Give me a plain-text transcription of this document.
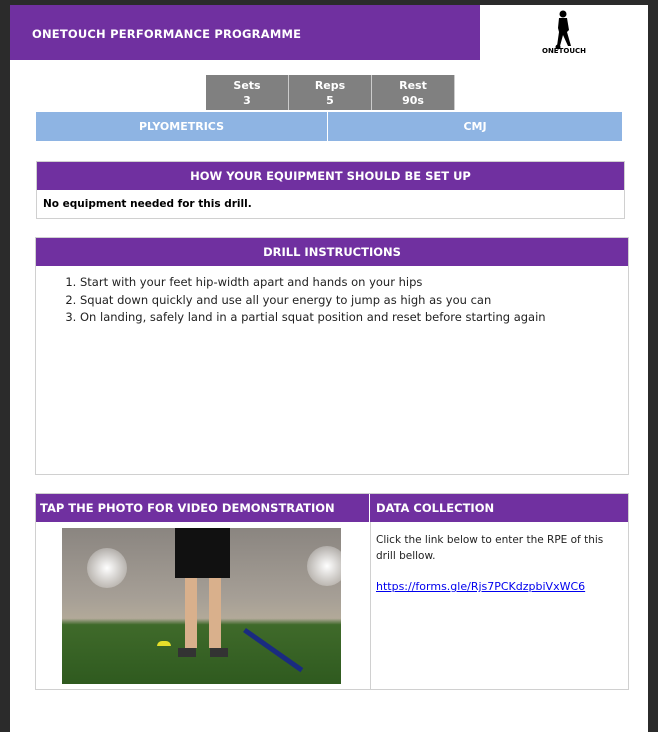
ONETOUCH PERFORMANCE PROGRAMME
ONETOUCH
Sets
3
Reps
5
Rest
90s
PLYOMETRICS	CMJ
HOW YOUR EQUIPMENT SHOULD BE SET UP
No equipment needed for this drill.
DRILL INSTRUCTIONS
1. Start with your feet hip-width apart and hands on your hips
2. Squat down quickly and use all your energy to jump as high as you can
3. On landing, safely land in a partial squat position and reset before starting again
TAP THE PHOTO FOR VIDEO DEMONSTRATION	DATA COLLECTION
Click the link below to enter the RPE of this drill bellow.
https://forms.gle/Rjs7PCKdzpbiVxWC6
